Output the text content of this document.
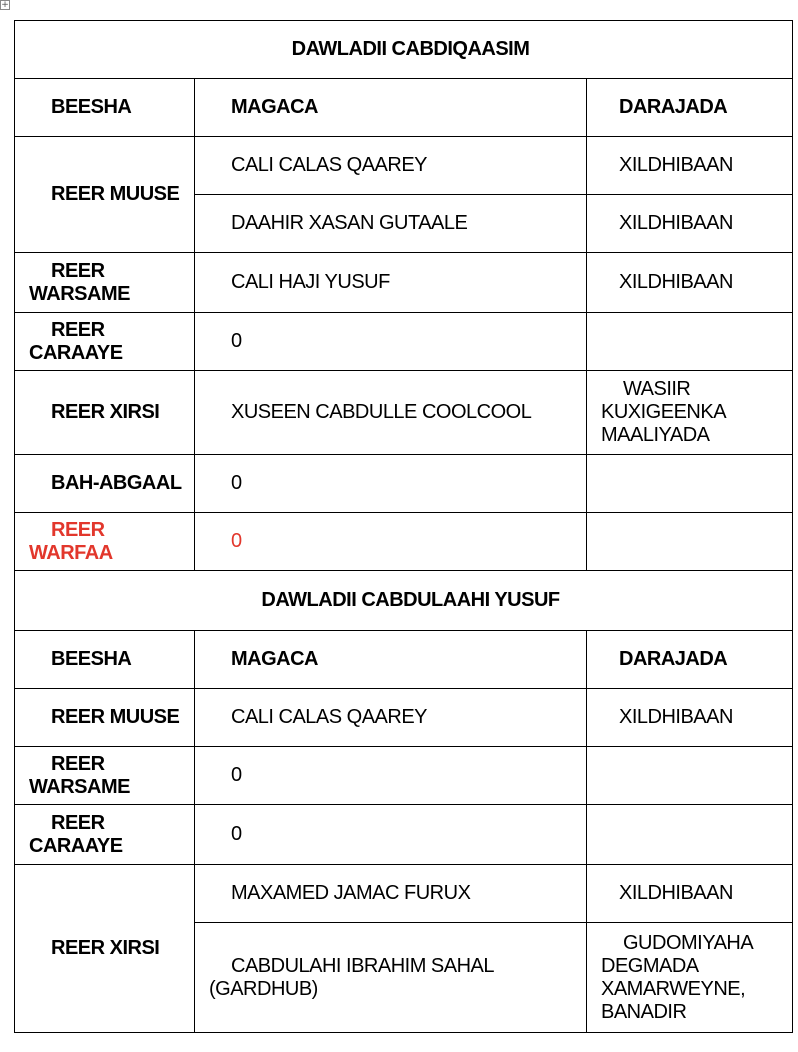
+
DAWLADII CABDIQAASIM		
BEESHA	MAGACA	DARAJADA
REER MUUSE	CALI CALAS QAAREY	XILDHIBAAN
	DAAHIR XASAN GUTAALE	XILDHIBAAN
REER
WARSAME	CALI HAJI YUSUF	XILDHIBAAN
REER
CARAAYE	0	
REER XIRSI	XUSEEN CABDULLE COOLCOOL	WASIIR
KUXIGEENKA
MAALIYADA
BAH-ABGAAL	0	
REER
WARFAA	0	
DAWLADII CABDULAAHI YUSUF		
BEESHA	MAGACA	DARAJADA
REER MUUSE	CALI CALAS QAAREY	XILDHIBAAN
REER
WARSAME	0	
REER
CARAAYE	0	
REER XIRSI	MAXAMED JAMAC FURUX	XILDHIBAAN
	CABDULAHI IBRAHIM SAHAL
(GARDHUB)	GUDOMIYAHA
DEGMADA
XAMARWEYNE,
BANADIR
